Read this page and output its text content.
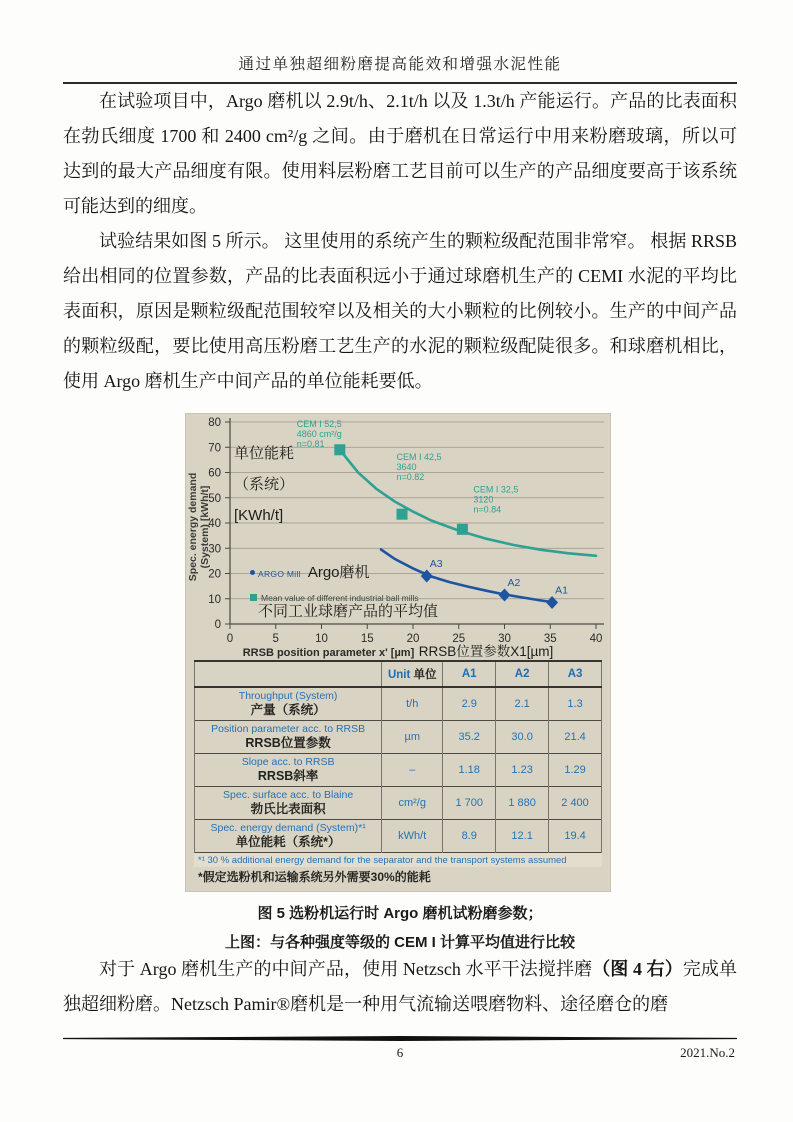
通过单独超细粉磨提高能效和增强水泥性能

在试验项目中，Argo 磨机以 2.9t/h、2.1t/h 以及 1.3t/h 产能运行。产品的比表面积在勃氏细度 1700 和 2400 cm²/g 之间。由于磨机在日常运行中用来粉磨玻璃，所以可达到的最大产品细度有限。使用料层粉磨工艺目前可以生产的产品细度要高于该系统可能达到的细度。

试验结果如图 5 所示。 这里使用的系统产生的颗粒级配范围非常窄。 根据 RRSB 给出相同的位置参数，产品的比表面积远小于通过球磨机生产的 CEMI 水泥的平均比表面积，原因是颗粒级配范围较窄以及相关的大小颗粒的比例较小。生产的中间产品的颗粒级配，要比使用高压粉磨工艺生产的水泥的颗粒级配陡很多。和球磨机相比，使用 Argo 磨机生产中间产品的单位能耗要低。

0
10
20
30
40
50
60
70
80
0	5	10	15	20	25	30	35	40
A3
A2
A1
CEM I 52,5
4860 cm²/g
n=0.81
CEM I 42,5
3640
n=0.82
CEM I 32,5
3120
n=0.84
Spec. energy demand (System) [kWh/t]
单位能耗
（系统）
[KWh/t]
ARGO Mill Argo磨机
Mean value of different industrial ball mills
不同工业球磨产品的平均值
RRSB position parameter x' [µm] RRSB位置参数X1[µm]
	Unit 单位	A1	A2	A3

Throughput (System)
产量（系统）	t/h	2.9	2.1	1.3

Position parameter acc. to RRSB
RRSB位置参数	µm	35.2	30.0	21.4

Slope acc. to RRSB
RRSB斜率	–	1.18	1.23	1.29

Spec. surface acc. to Blaine
勃氏比表面积	cm²/g	1 700	1 880	2 400

Spec. energy demand (System)*¹
单位能耗（系统*）	kWh/t	8.9	12.1	19.4
*¹ 30 % additional energy demand for the separator and the transport systems assumed
*假定选粉机和运输系统另外需要30%的能耗
图 5 选粉机运行时 Argo 磨机试粉磨参数；
上图：与各种强度等级的 CEM I 计算平均值进行比较

对于 Argo 磨机生产的中间产品，使用 Netzsch 水平干法搅拌磨（图 4 右）完成单独超细粉磨。Netzsch Pamir®磨机是一种用气流输送喂磨物料、途径磨仓的磨

6	2021.No.2
